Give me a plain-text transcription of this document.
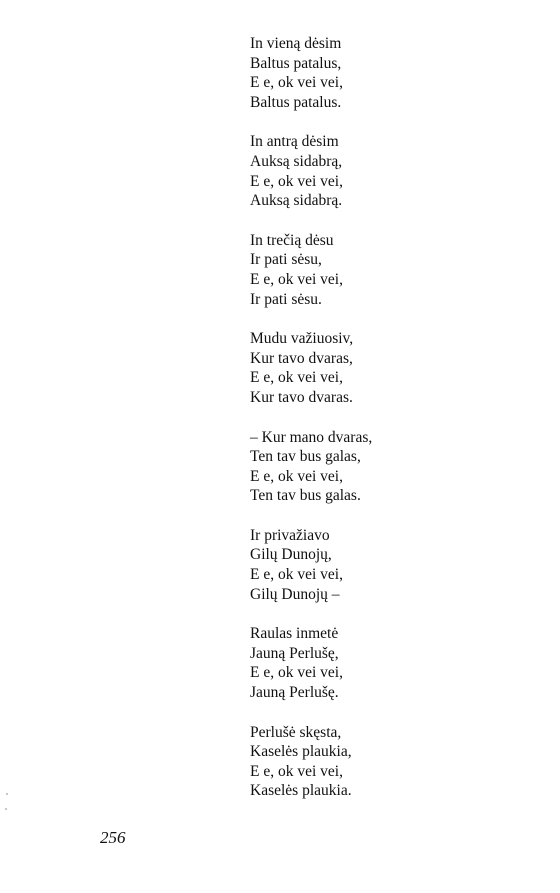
In vieną dėsim
Baltus patalus,
E e, ok vei vei,
Baltus patalus.
In antrą dėsim
Auksą sidabrą,
E e, ok vei vei,
Auksą sidabrą.
In trečią dėsu
Ir pati sėsu,
E e, ok vei vei,
Ir pati sėsu.
Mudu važiuosiv,
Kur tavo dvaras,
E e, ok vei vei,
Kur tavo dvaras.
– Kur mano dvaras,
Ten tav bus galas,
E e, ok vei vei,
Ten tav bus galas.
Ir privažiavo
Gilų Dunojų,
E e, ok vei vei,
Gilų Dunojų –
Raulas inmetė
Jauną Perlušę,
E e, ok vei vei,
Jauną Perlušę.
Perlušė skęsta,
Kaselės plaukia,
E e, ok vei vei,
Kaselės plaukia.
256
